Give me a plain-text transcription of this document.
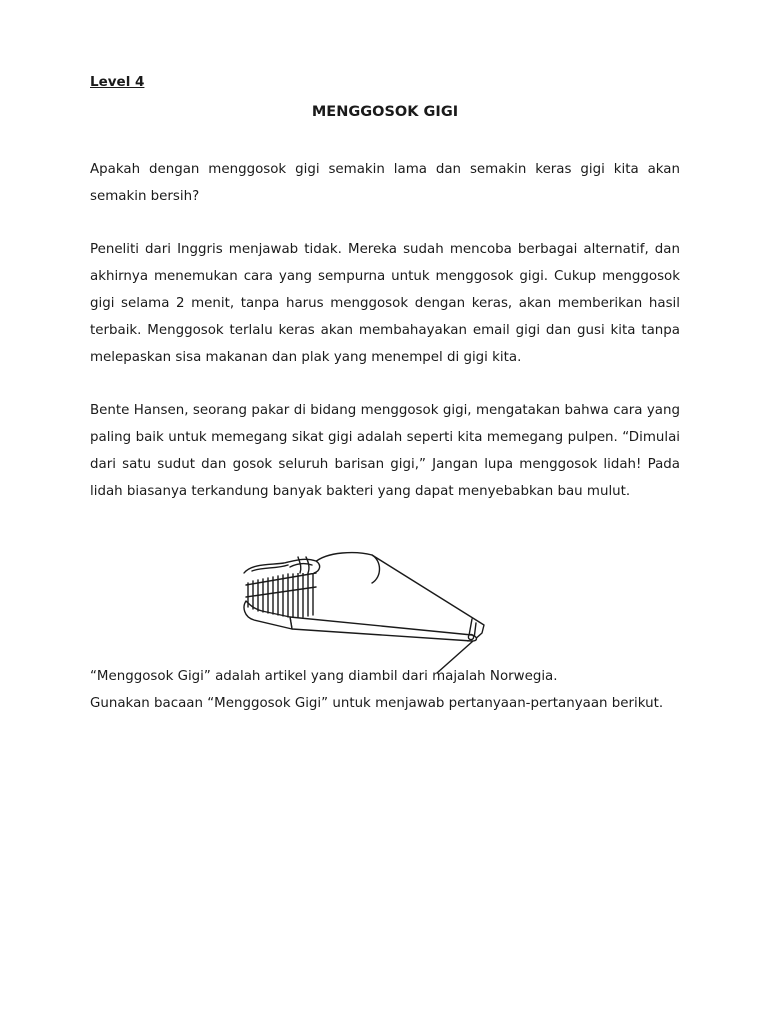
Level 4

MENGGOSOK GIGI

Apakah dengan menggosok gigi semakin lama dan semakin keras gigi kita akan semakin bersih?

Peneliti dari Inggris menjawab tidak. Mereka sudah mencoba berbagai alternatif, dan akhirnya menemukan cara yang sempurna untuk menggosok gigi. Cukup menggosok gigi selama 2 menit, tanpa harus menggosok dengan keras, akan memberikan hasil terbaik. Menggosok terlalu keras akan membahayakan email gigi dan gusi kita tanpa melepaskan sisa makanan dan plak yang menempel di gigi kita.

Bente Hansen, seorang pakar di bidang menggosok gigi, mengatakan bahwa cara yang paling baik untuk memegang sikat gigi adalah seperti kita memegang pulpen. “Dimulai dari satu sudut dan gosok seluruh barisan gigi,” Jangan lupa menggosok lidah! Pada lidah biasanya terkandung banyak bakteri yang dapat menyebabkan bau mulut.

“Menggosok Gigi” adalah artikel yang diambil dari majalah Norwegia.

Gunakan bacaan “Menggosok Gigi” untuk menjawab pertanyaan-pertanyaan berikut.
